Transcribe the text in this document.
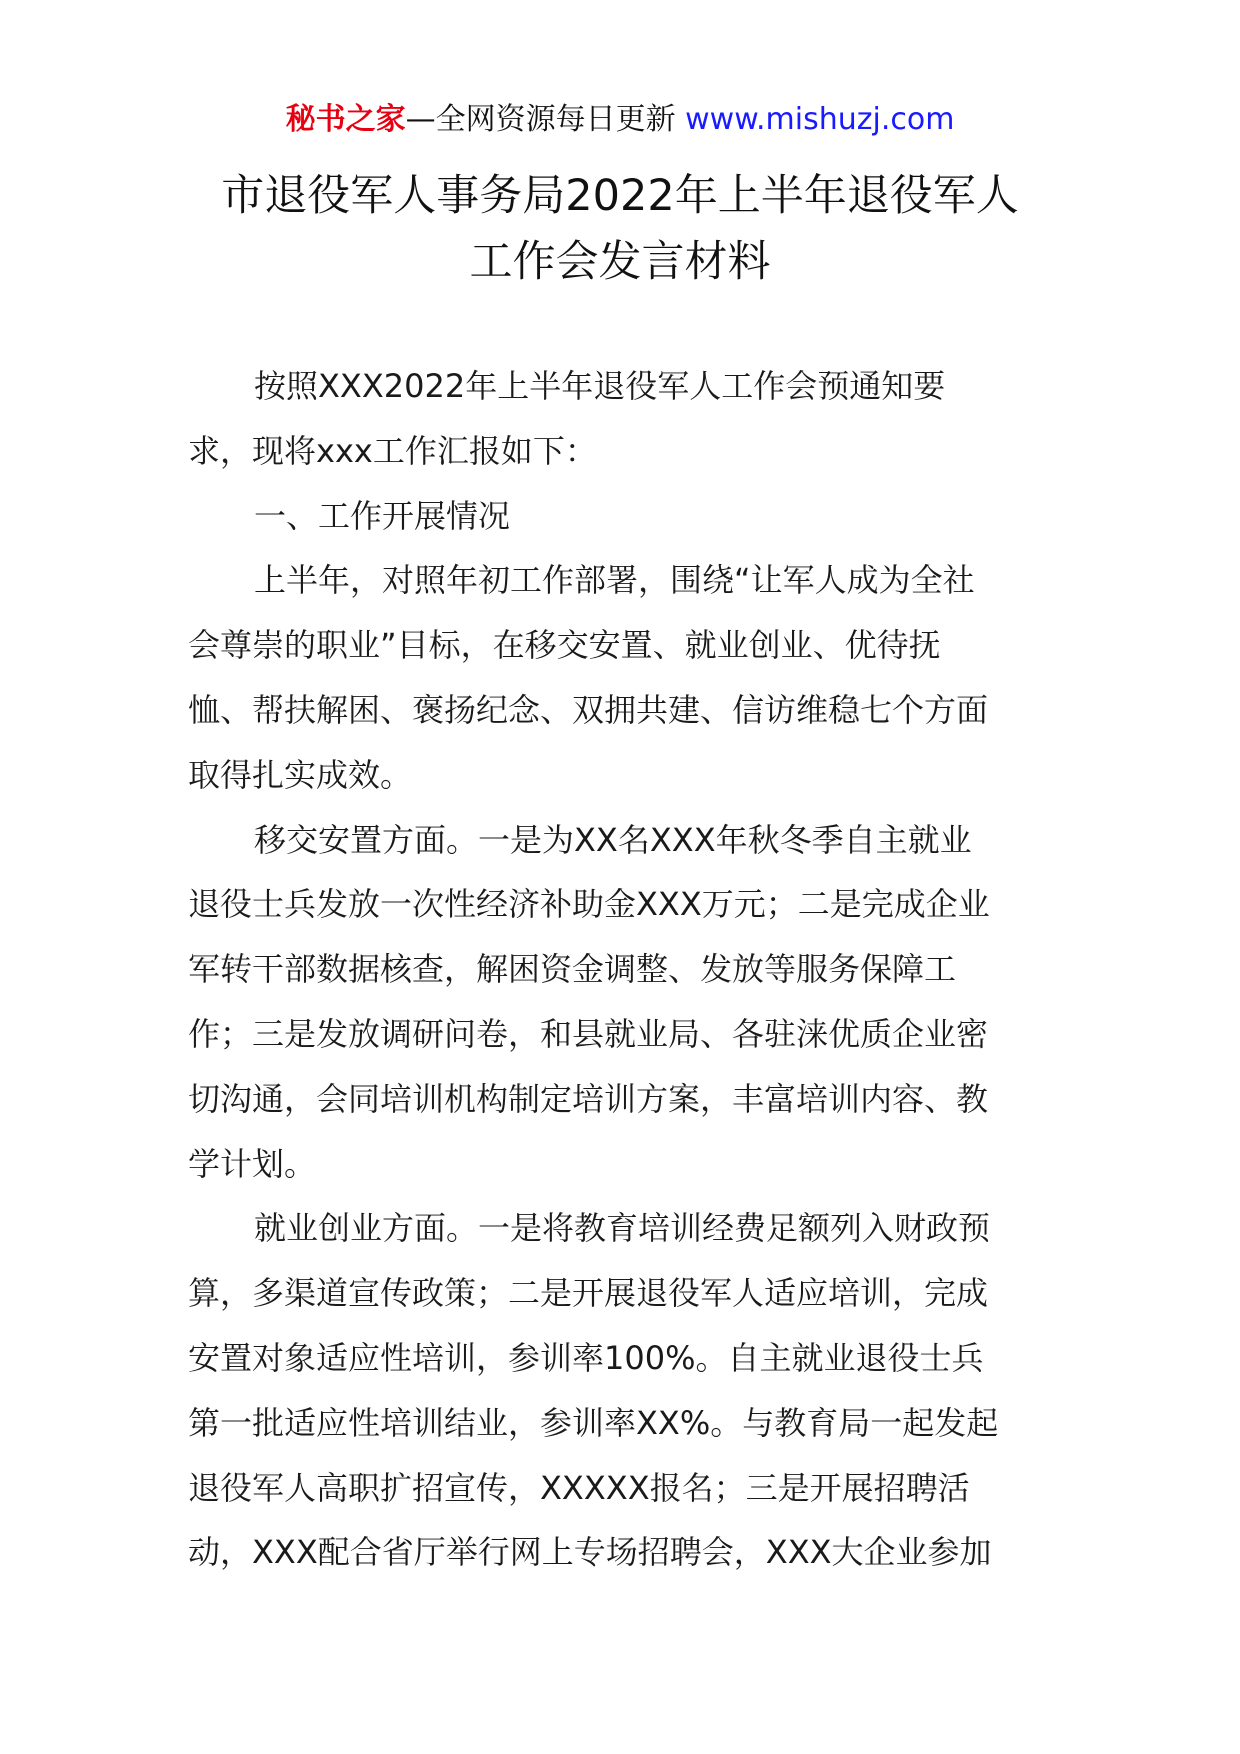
秘书之家—全网资源每日更新 www.mishuzj.com
市退役军人事务局2022年上半年退役军人
工作会发言材料

按照XXX2022年上半年退役军人工作会预通知要
求，现将xxx工作汇报如下：

一、工作开展情况

上半年，对照年初工作部署，围绕“让军人成为全社
会尊崇的职业”目标，在移交安置、就业创业、优待抚
恤、帮扶解困、褒扬纪念、双拥共建、信访维稳七个方面
取得扎实成效。

移交安置方面。一是为XX名XXX年秋冬季自主就业
退役士兵发放一次性经济补助金XXX万元；二是完成企业
军转干部数据核查，解困资金调整、发放等服务保障工
作；三是发放调研问卷，和县就业局、各驻涞优质企业密
切沟通，会同培训机构制定培训方案，丰富培训内容、教
学计划。

就业创业方面。一是将教育培训经费足额列入财政预
算，多渠道宣传政策；二是开展退役军人适应培训，完成
安置对象适应性培训，参训率100%。自主就业退役士兵
第一批适应性培训结业，参训率XX%。与教育局一起发起
退役军人高职扩招宣传，XXXXX报名；三是开展招聘活
动，XXX配合省厅举行网上专场招聘会，XXX大企业参加
